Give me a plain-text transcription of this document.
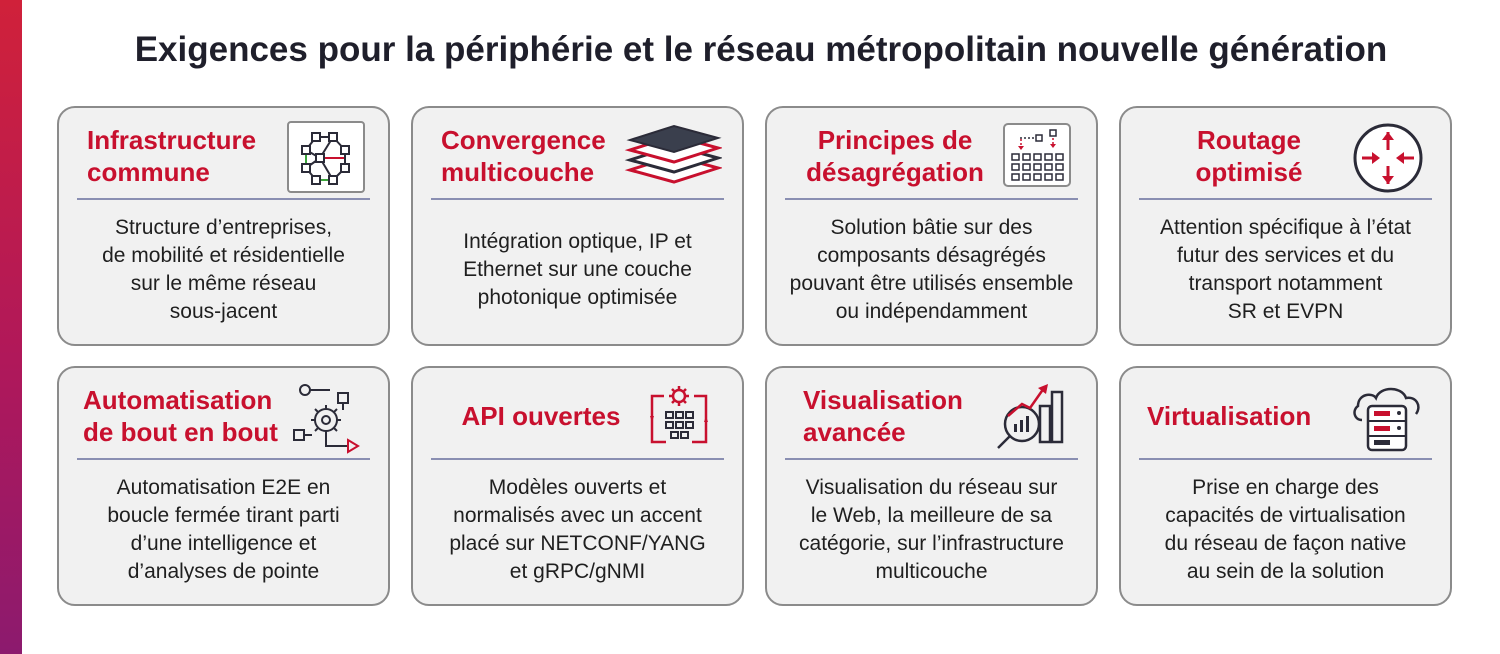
Exigences pour la périphérie et le réseau métropolitain nouvelle génération
Infrastructure
commune
Structure d’entreprises,
de mobilité et résidentielle
sur le même réseau
sous-jacent
Convergence
multicouche
Intégration optique, IP et
Ethernet sur une couche
photonique optimisée
Principes de
désagrégation
Solution bâtie sur des
composants désagrégés
pouvant être utilisés ensemble
ou indépendamment
Routage
optimisé
Attention spécifique à l’état
futur des services et du
transport notamment
SR et EVPN
Automatisation
de bout en bout
Automatisation E2E en
boucle fermée tirant parti
d’une intelligence et
d’analyses de pointe
API ouvertes
Modèles ouverts et
normalisés avec un accent
placé sur NETCONF/YANG
et gRPC/gNMI
Visualisation
avancée
Visualisation du réseau sur
le Web, la meilleure de sa
catégorie, sur l’infrastructure
multicouche
Virtualisation
Prise en charge des
capacités de virtualisation
du réseau de façon native
au sein de la solution
